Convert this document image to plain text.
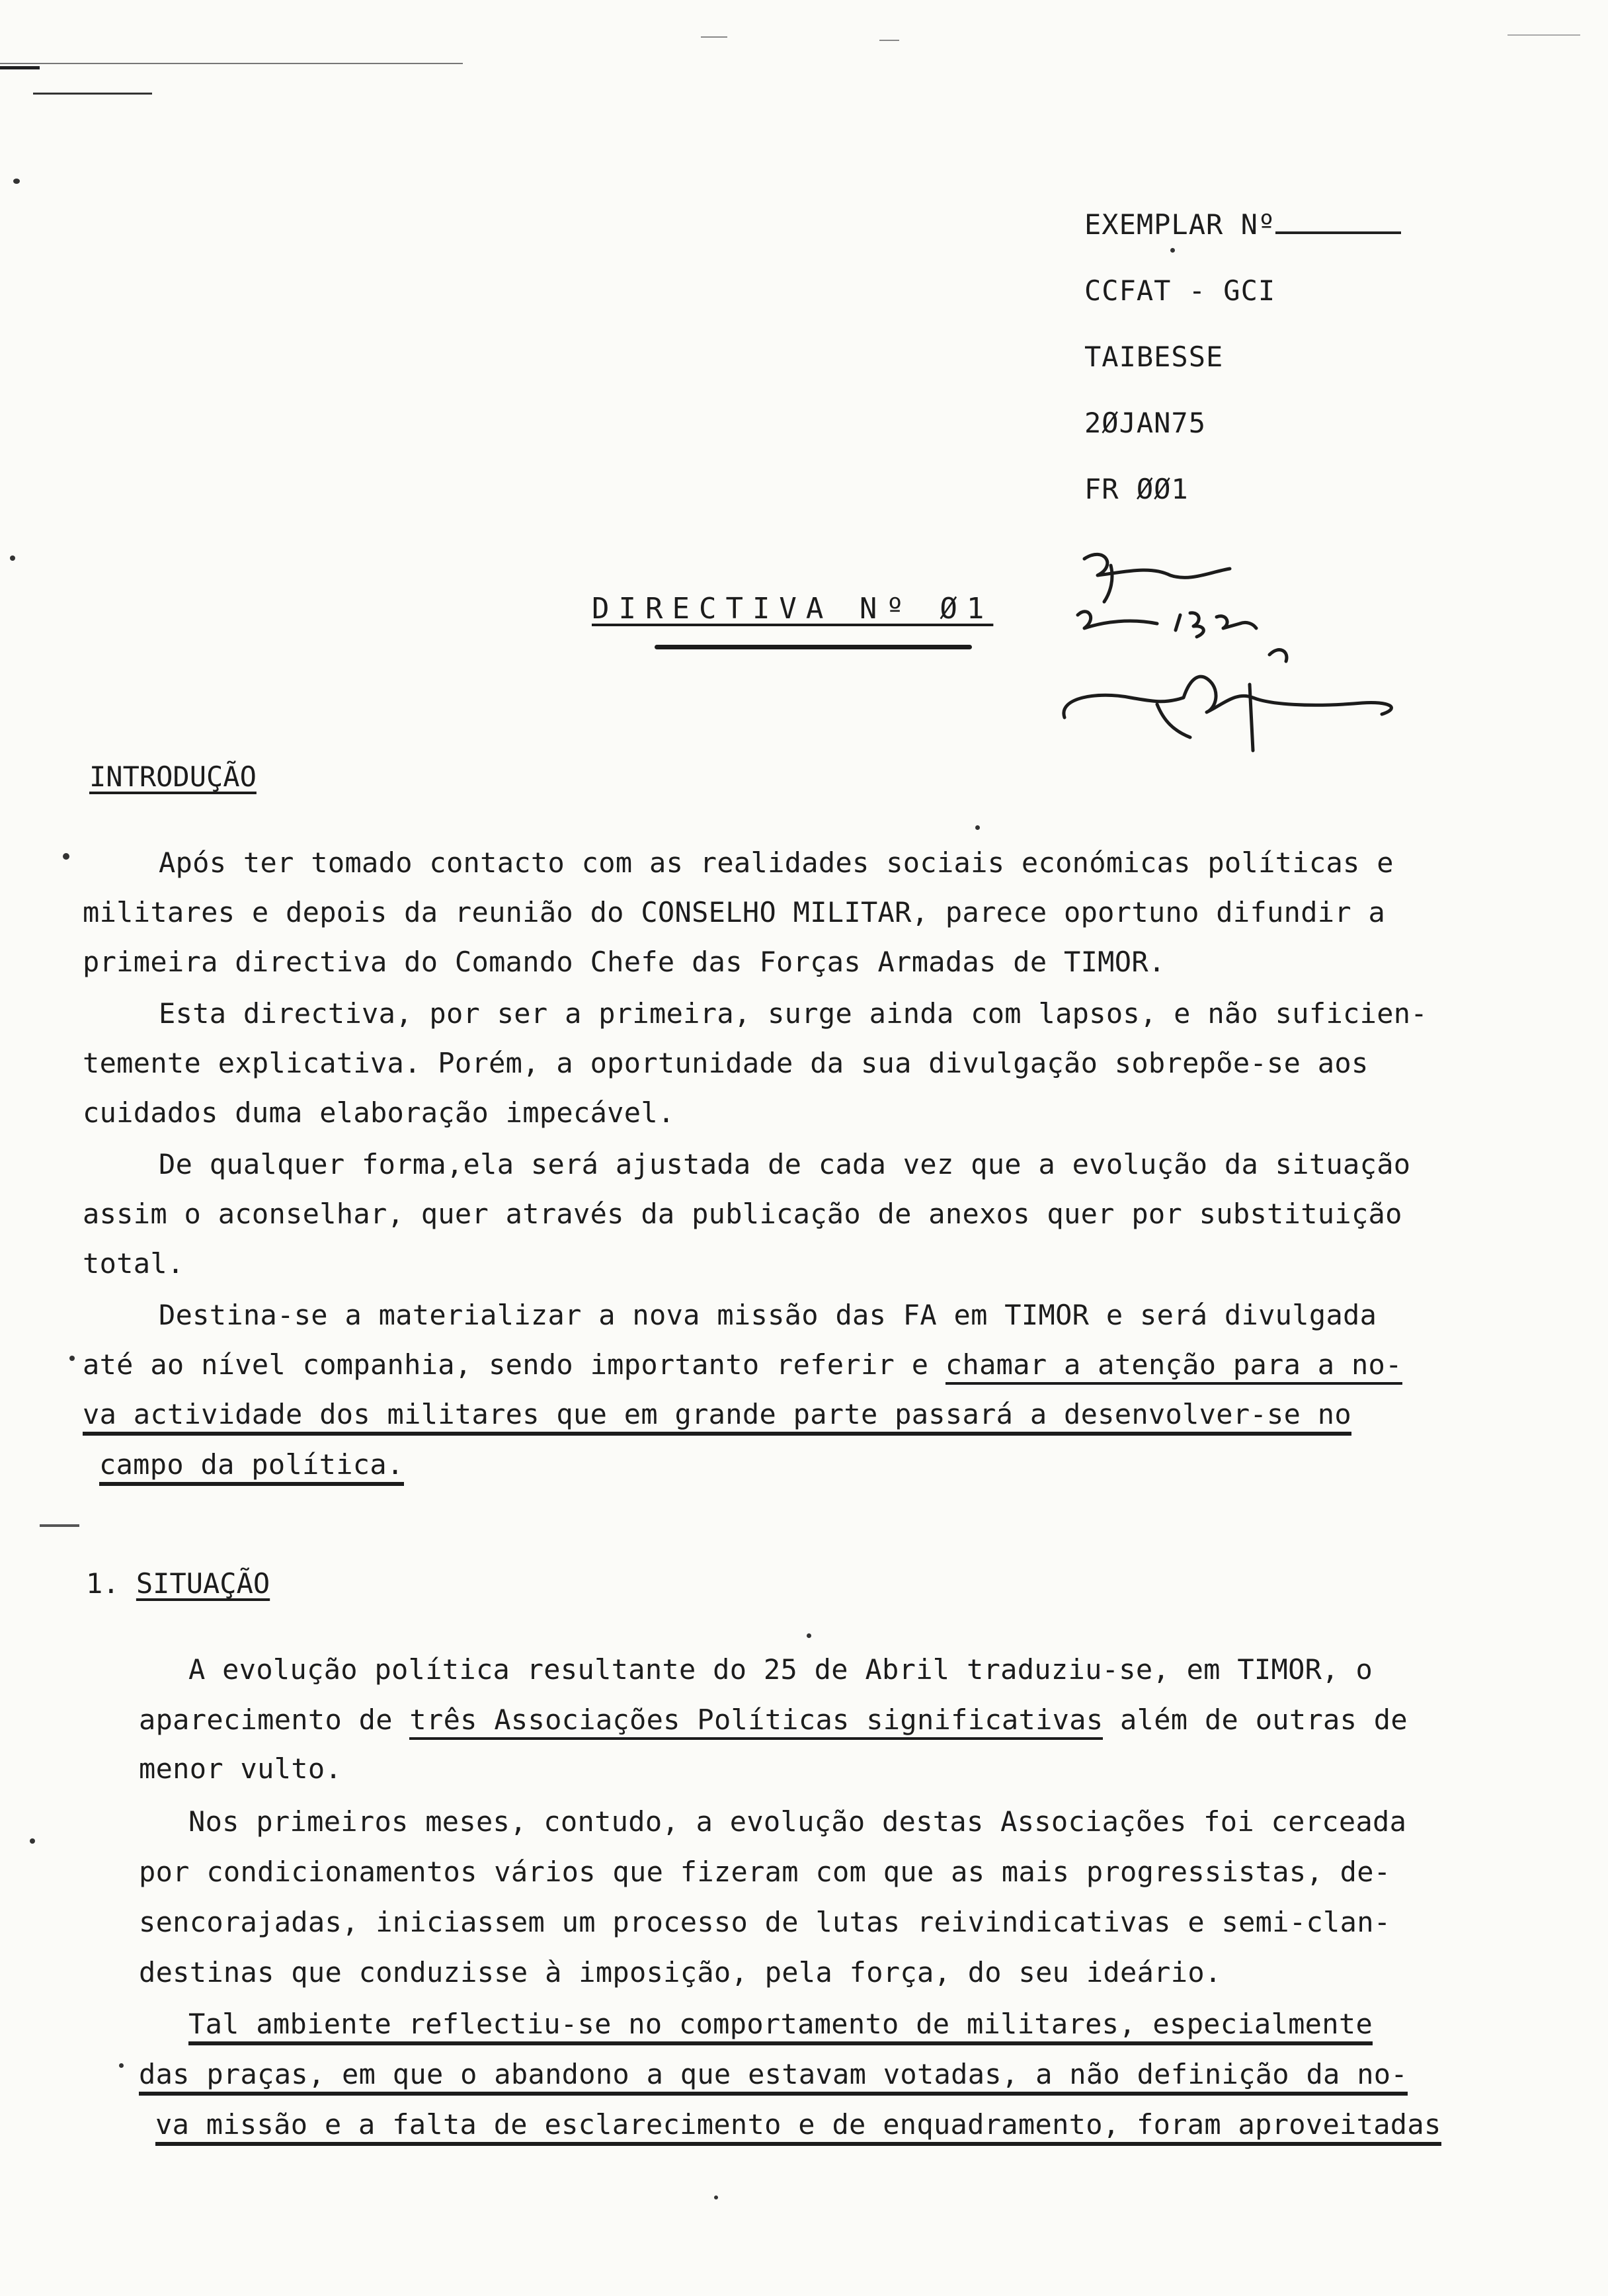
EXEMPLAR Nº
CCFAT - GCI
TAIBESSE
2ØJAN75
FR ØØ1
DIRECTIVA Nº Ø1
INTRODUÇÃO
Após ter tomado contacto com as realidades sociais económicas políticas e
militares e depois da reunião do CONSELHO MILITAR, parece oportuno difundir a
primeira directiva do Comando Chefe das Forças Armadas de TIMOR.
Esta directiva, por ser a primeira, surge ainda com lapsos, e não suficien-
temente explicativa. Porém, a oportunidade da sua divulgação sobrepõe-se aos
cuidados duma elaboração impecável.
De qualquer forma,ela será ajustada de cada vez que a evolução da situação
assim o aconselhar, quer através da publicação de anexos quer por substituição
total.
Destina-se a materializar a nova missão das FA em TIMOR e será divulgada
até ao nível companhia, sendo importanto referir e chamar a atenção para a no-
va actividade dos militares que em grande parte passará a desenvolver-se no
campo da política.
1. SITUAÇÃO
A evolução política resultante do 25 de Abril traduziu-se, em TIMOR, o
aparecimento de três Associações Políticas significativas além de outras de
menor vulto.
Nos primeiros meses, contudo, a evolução destas Associações foi cerceada
por condicionamentos vários que fizeram com que as mais progressistas, de-
sencorajadas, iniciassem um processo de lutas reivindicativas e semi-clan-
destinas que conduzisse à imposição, pela força, do seu ideário.
Tal ambiente reflectiu-se no comportamento de militares, especialmente
das praças, em que o abandono a que estavam votadas, a não definição da no-
va missão e a falta de esclarecimento e de enquadramento, foram aproveitadas
